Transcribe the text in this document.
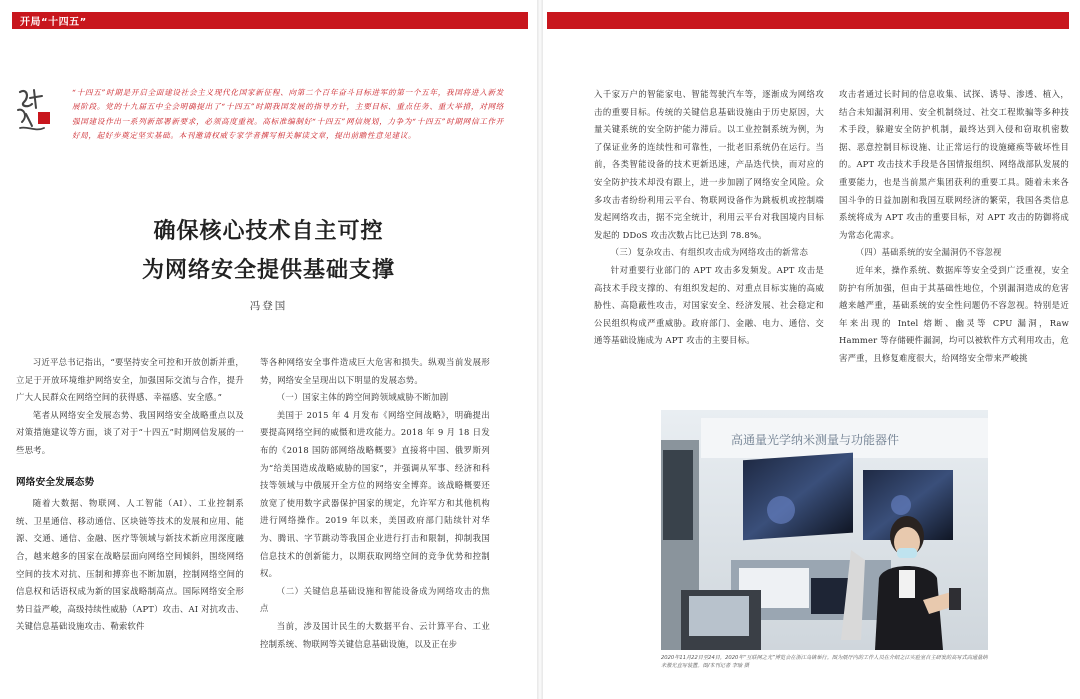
开局“十四五”
“十四五”时期是开启全面建设社会主义现代化国家新征程、向第二个百年奋斗目标进军的第一个五年，我国将进入新发展阶段。党的十九届五中全会明确提出了“十四五”时期我国发展的指导方针，主要目标、重点任务、重大举措，对网络强国建设作出一系列新部署新要求，必须高度重视。高标准编制好“十四五”网信规划，力争为“十四五”时期网信工作开好局，起好步奠定坚实基础。本刊邀请权威专家学者撰写相关解读文章，提出前瞻性意见建议。
确保核心技术自主可控
为网络安全提供基础支撑
冯登国

习近平总书记指出，“要坚持安全可控和开放创新并重，立足于开放环境维护网络安全，加强国际交流与合作，提升广大人民群众在网络空间的获得感、幸福感、安全感。”

笔者从网络安全发展态势、我国网络安全战略重点以及对策措施建议等方面，谈了对于“十四五”时期网信发展的一些思考。

网络安全发展态势

随着大数据、物联网、人工智能（AI）、工业控制系统、卫星通信、移动通信、区块链等技术的发展和应用、能源、交通、通信、金融、医疗等领域与新技术新应用深度融合，越来越多的国家在战略层面向网络空间倾斜，围绕网络空间的技术对抗、压制和搏弈也不断加剧，控制网络空间的信息权和话语权成为新的国家战略制高点。国际网络安全形势日益严峻，高级持续性威胁（APT）攻击、AI 对抗攻击、关键信息基础设施攻击、勒索软件

等各种网络安全事件造成巨大危害和损失。纵观当前发展形势，网络安全呈现出以下明显的发展态势。

（一）国家主体的跨空间跨领域威胁不断加剧

美国于 2015 年 4 月发布《网络空间战略》，明确提出要提高网络空间的威慑和进攻能力。2018 年 9 月 18 日发布的《2018 国防部网络战略概要》直接将中国、俄罗斯列为“给美国造成战略威胁的国家”，并强调从军事、经济和科技等领域与中俄展开全方位的网络安全博弈。该战略概要还放宽了使用数字武器保护国家的规定，允许军方和其他机构进行网络操作。2019 年以来，美国政府部门陆续针对华为、腾讯、字节跳动等我国企业进行打击和限制，抑制我国信息技术的创新能力，以期获取网络空间的竞争优势和控制权。

（二）关键信息基础设施和智能设备成为网络攻击的焦点

当前，涉及国计民生的大数据平台、云计算平台、工业控制系统、物联网等关键信息基础设施，以及正在步

入千家万户的智能家电、智能驾驶汽车等，逐渐成为网络攻击的重要目标。传统的关键信息基础设施由于历史原因，大量关键系统的安全防护能力滞后。以工业控制系统为例，为了保证业务的连续性和可靠性，一批老旧系统仍在运行。当前，各类智能设备的技术更新迅速，产品迭代快，而对应的安全防护技术却没有跟上，进一步加剧了网络安全风险。众多攻击者纷纷利用云平台、物联网设备作为跳板机或控制端发起网络攻击，据不完全统计，利用云平台对我国境内目标发起的 DDoS 攻击次数占比已达到 78.8%。

（三）复杂攻击、有组织攻击成为网络攻击的新常态

针对重要行业部门的 APT 攻击多发频发。APT 攻击是高技术手段支撑的、有组织发起的、对重点目标实施的高威胁性、高隐蔽性攻击，对国家安全、经济发展、社会稳定和公民组织构成严重威胁。政府部门、金融、电力、通信、交通等基础设施成为 APT 攻击的主要目标。

攻击者通过长时间的信息收集、试探、诱导、渗透、植入，结合未知漏洞利用、安全机制绕过、社交工程欺骗等多种技术手段，躲避安全防护机制，最终达到入侵和窃取机密数据、恶意控制目标设施、让正常运行的设施瘫痪等破坏性目的。APT 攻击技术手段是各国情报组织、网络战部队发展的重要能力，也是当前黑产集团获利的重要工具。随着未来各国斗争的日益加剧和我国互联网经济的繁荣，我国各类信息系统将成为 APT 攻击的重要目标，对 APT 攻击的防御将成为常态化需求。

（四）基础系统的安全漏洞仍不容忽视

近年来，操作系统、数据库等安全受到广泛重视，安全防护有所加强，但由于其基础性地位，个别漏洞造成的危害越来越严重，基础系统的安全性问题仍不容忽视。特别是近年来出现的 Intel 熔断、幽灵等 CPU 漏洞，Raw Hammer 等存储硬件漏洞，均可以被软件方式利用攻击，危害严重，且修复难度很大，给网络安全带来严峻挑

高通量光学纳米测量与功能器件
2020年11月22日至24日，2020年“互联网之光”博览会在浙江乌镇举行。图为展厅内的工作人员在介绍之江实验室自主研发的高写式高通量纳米激光直写装置。图/本刊记者 李瑜 摄
